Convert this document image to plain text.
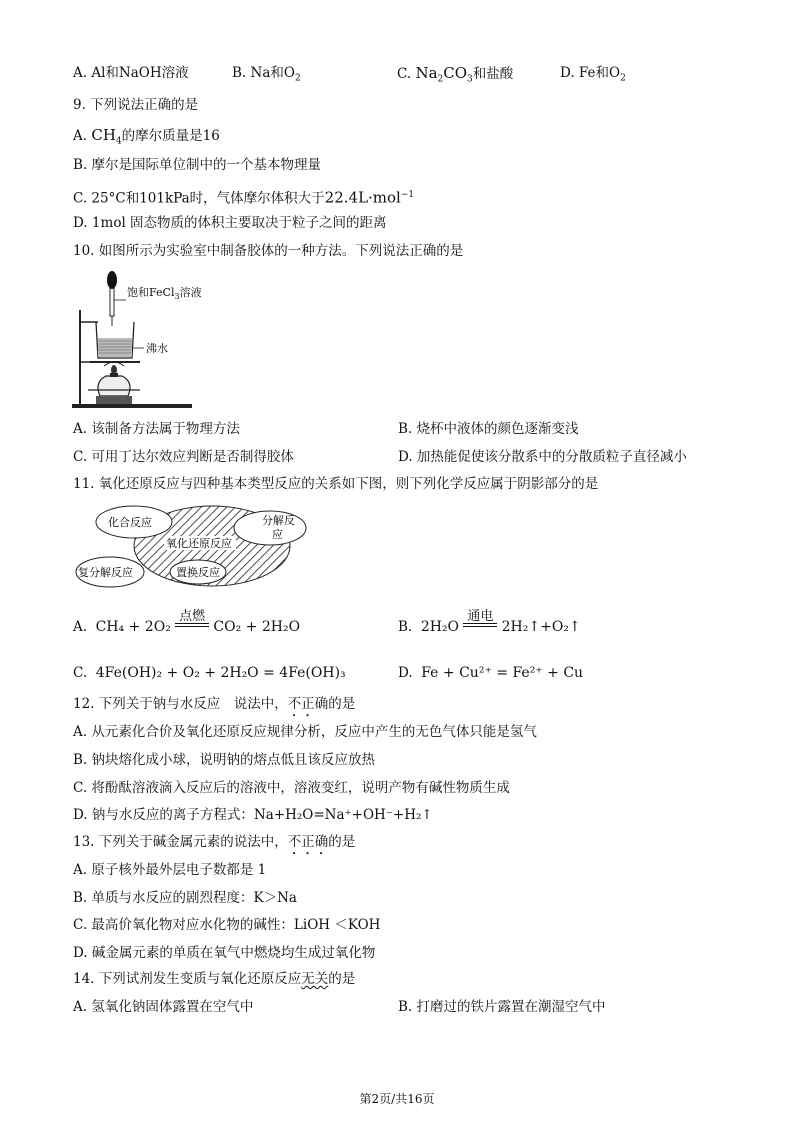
A. Al和NaOH溶液	B. Na和$O_2$	C. $Na_2CO_3$和盐酸	D. Fe和$O_2$
9. 下列说法正确的是
A. $CH_4$的摩尔质量是16
B. 摩尔是国际单位制中的一个基本物理量
C. 25°C和101kPa时，气体摩尔体积大于22.4L·mol$^{-1}$
D. 1mol 固态物质的体积主要取决于粒子之间的距离
10. 如图所示为实验室中制备胶体的一种方法。下列说法正确的是
饱和FeCl$_3$溶液
沸水
A. 该制备方法属于物理方法	B. 烧杯中液体的颜色逐渐变浅
C. 可用丁达尔效应判断是否制得胶体	D. 加热能促使该分散系中的分散质粒子直径减小
11. 氧化还原反应与四种基本类型反应的关系如下图，则下列化学反应属于阴影部分的是
化合反应	分解反
应
氧化还原反应
复分解反应	置换反应
A. CH₄ + 2O₂
点燃
CO₂ + 2H₂O	B. 2H₂O
通电
2H₂↑+O₂↑
C. 4Fe(OH)₂ + O₂ + 2H₂O = 4Fe(OH)₃	D. Fe + Cu²⁺ = Fe²⁺ + Cu
12. 下列关于钠与水反应　说法中，不正确的是
A. 从元素化合价及氧化还原反应规律分析，反应中产生的无色气体只能是氢气
B. 钠块熔化成小球，说明钠的熔点低且该反应放热
C. 将酚酞溶液滴入反应后的溶液中，溶液变红，说明产物有碱性物质生成
D. 钠与水反应的离子方程式：Na+H₂O=Na⁺+OH⁻+H₂↑
13. 下列关于碱金属元素的说法中，不正确的是
A. 原子核外最外层电子数都是 1
B. 单质与水反应的剧烈程度：K＞Na
C. 最高价氧化物对应水化物的碱性：LiOH ＜KOH
D. 碱金属元素的单质在氧气中燃烧均生成过氧化物
14. 下列试剂发生变质与氧化还原反应无关的是
A. 氢氧化钠固体露置在空气中	B. 打磨过的铁片露置在潮湿空气中
第2页/共16页
